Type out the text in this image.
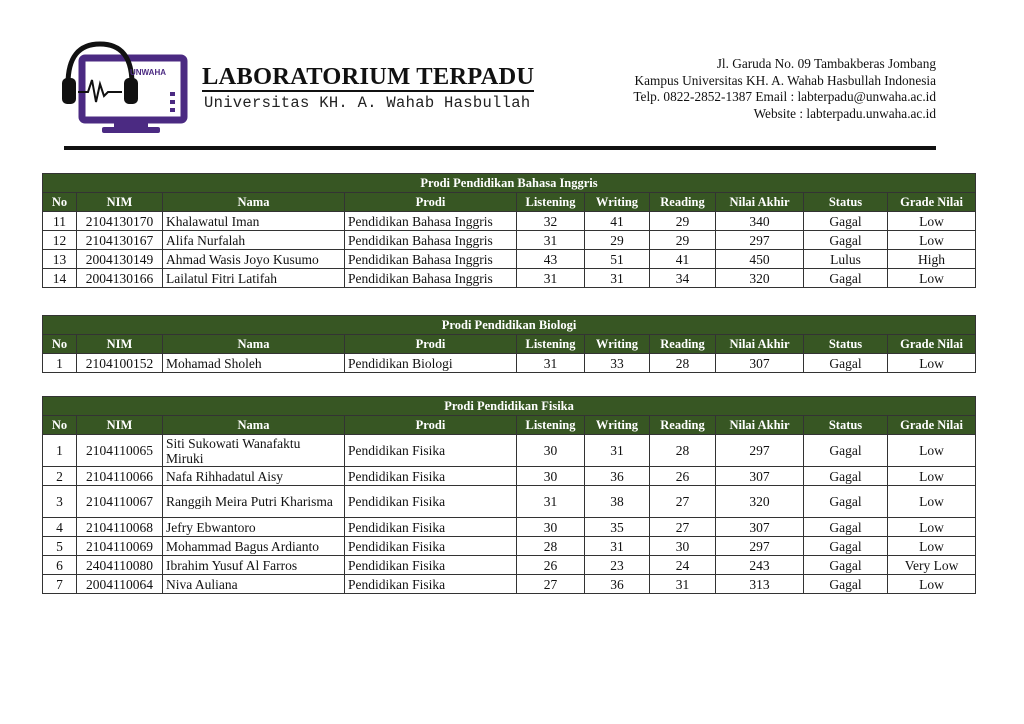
UNWAHA LABORATORIUM TERPADU
Universitas KH. A. Wahab Hasbullah
Jl. Garuda No. 09 Tambakberas Jombang
Kampus Universitas KH. A. Wahab Hasbullah Indonesia
Telp. 0822-2852-1387 Email : labterpadu@unwaha.ac.id
Website : labterpadu.unwaha.ac.id
Prodi Pendidikan Bahasa Inggris									
No	NIM	Nama	Prodi	Listening	Writing	Reading	Nilai Akhir	Status	Grade Nilai
11	2104130170	Khalawatul Iman	Pendidikan Bahasa Inggris	32	41	29	340	Gagal	Low
12	2104130167	Alifa Nurfalah	Pendidikan Bahasa Inggris	31	29	29	297	Gagal	Low
13	2004130149	Ahmad Wasis Joyo Kusumo	Pendidikan Bahasa Inggris	43	51	41	450	Lulus	High
14	2004130166	Lailatul Fitri Latifah	Pendidikan Bahasa Inggris	31	31	34	320	Gagal	Low
Prodi Pendidikan Biologi									
No	NIM	Nama	Prodi	Listening	Writing	Reading	Nilai Akhir	Status	Grade Nilai
1	2104100152	Mohamad Sholeh	Pendidikan Biologi	31	33	28	307	Gagal	Low
Prodi Pendidikan Fisika									
No	NIM	Nama	Prodi	Listening	Writing	Reading	Nilai Akhir	Status	Grade Nilai
1	2104110065	Siti Sukowati Wanafaktu Miruki	Pendidikan Fisika	30	31	28	297	Gagal	Low
2	2104110066	Nafa Rihhadatul Aisy	Pendidikan Fisika	30	36	26	307	Gagal	Low
3	2104110067	Ranggih Meira Putri Kharisma	Pendidikan Fisika	31	38	27	320	Gagal	Low
4	2104110068	Jefry Ebwantoro	Pendidikan Fisika	30	35	27	307	Gagal	Low
5	2104110069	Mohammad Bagus Ardianto	Pendidikan Fisika	28	31	30	297	Gagal	Low
6	2404110080	Ibrahim Yusuf Al Farros	Pendidikan Fisika	26	23	24	243	Gagal	Very Low
7	2004110064	Niva Auliana	Pendidikan Fisika	27	36	31	313	Gagal	Low
